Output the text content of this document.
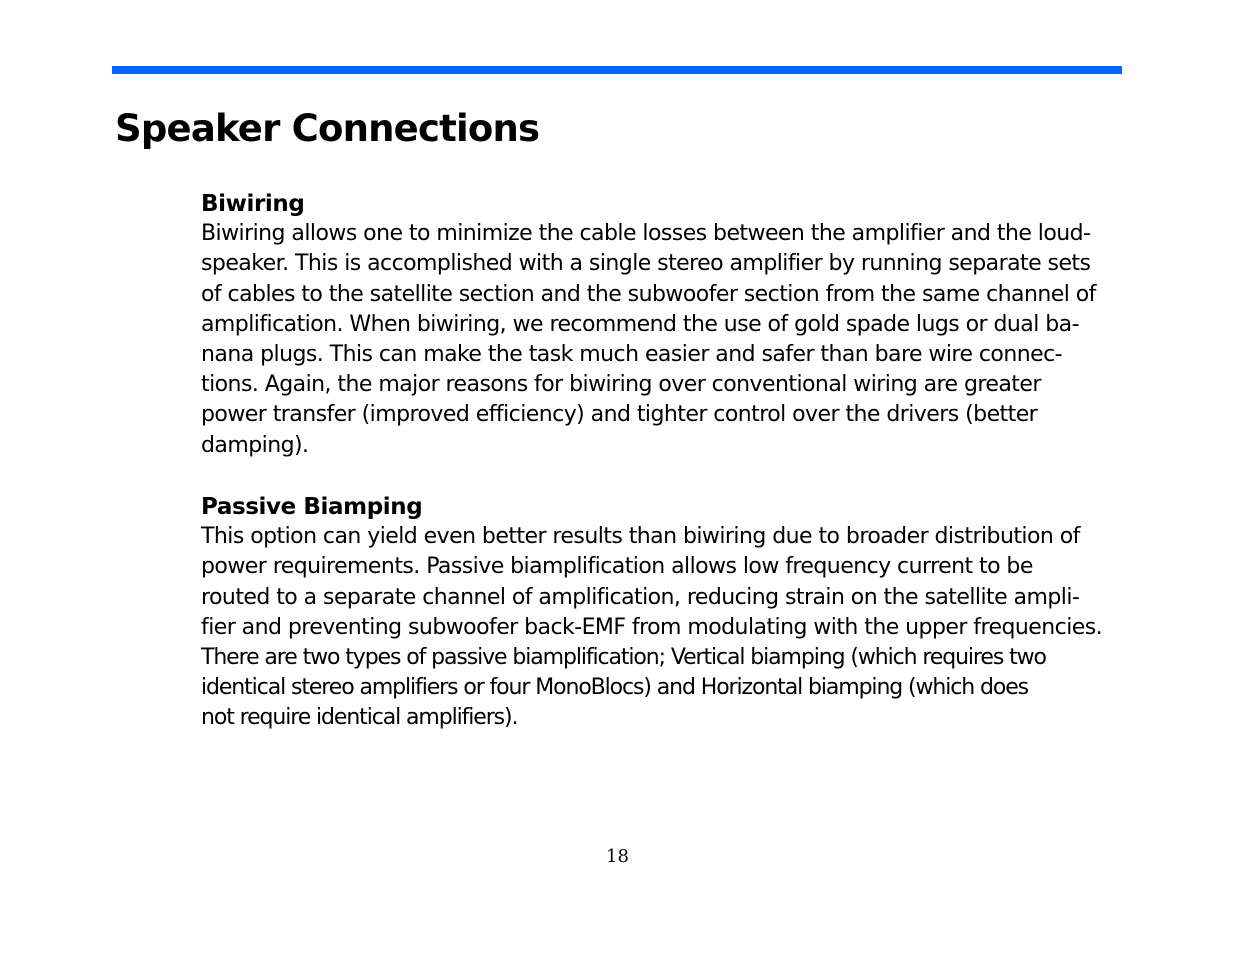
Speaker Connections
Biwiring
Biwiring allows one to minimize the cable losses between the amplifier and the loud-
speaker. This is accomplished with a single stereo amplifier by running separate sets
of cables to the satellite section and the subwoofer section from the same channel of
amplification. When biwiring, we recommend the use of gold spade lugs or dual ba-
nana plugs. This can make the task much easier and safer than bare wire connec-
tions. Again, the major reasons for biwiring over conventional wiring are greater
power transfer (improved efficiency) and tighter control over the drivers (better
damping).
Passive Biamping
This option can yield even better results than biwiring due to broader distribution of
power requirements. Passive biamplification allows low frequency current to be
routed to a separate channel of amplification, reducing strain on the satellite ampli-
fier and preventing subwoofer back-EMF from modulating with the upper frequencies.
There are two types of passive biamplification; Vertical biamping (which requires two
identical stereo amplifiers or four MonoBlocs) and Horizontal biamping (which does
not require identical amplifiers).
18
